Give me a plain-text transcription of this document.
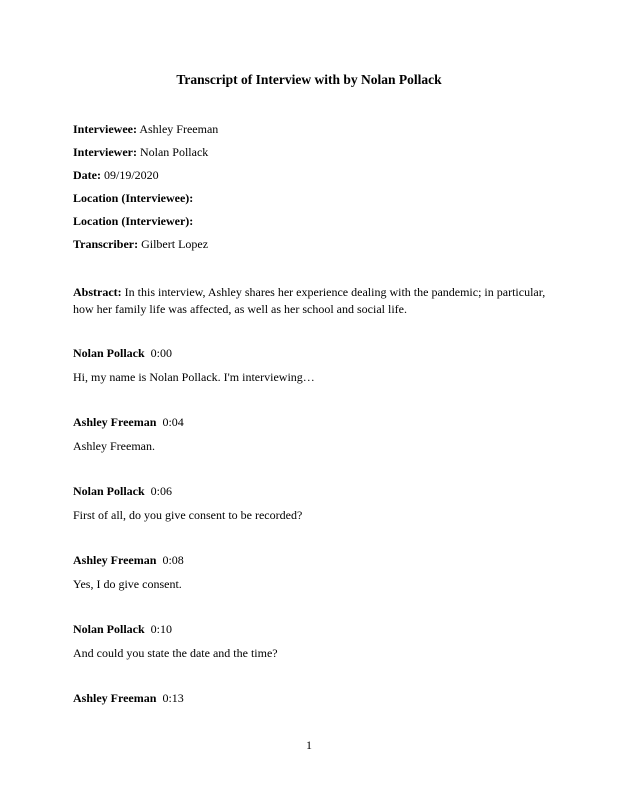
Transcript of Interview with by Nolan Pollack
Interviewee: Ashley Freeman
Interviewer: Nolan Pollack
Date: 09/19/2020
Location (Interviewee):
Location (Interviewer):
Transcriber: Gilbert Lopez
Abstract: In this interview, Ashley shares her experience dealing with the pandemic; in particular, how her family life was affected, as well as her school and social life.
Nolan Pollack 0:00
Hi, my name is Nolan Pollack. I'm interviewing…
Ashley Freeman 0:04
Ashley Freeman.
Nolan Pollack 0:06
First of all, do you give consent to be recorded?
Ashley Freeman 0:08
Yes, I do give consent.
Nolan Pollack 0:10
And could you state the date and the time?
Ashley Freeman 0:13
1
